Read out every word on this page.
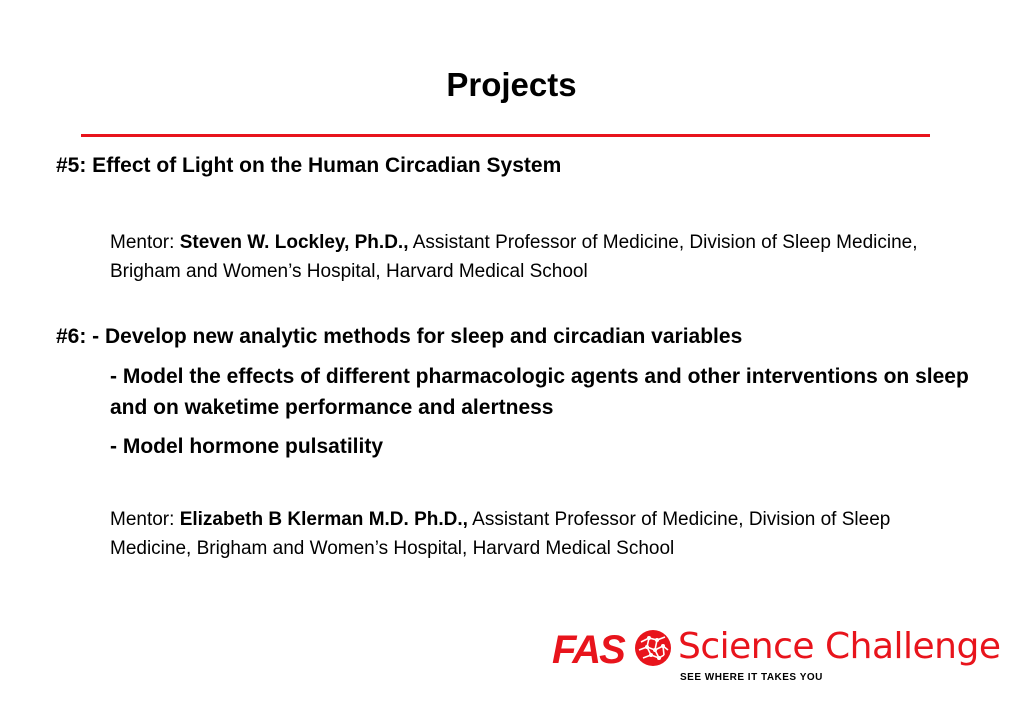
Projects

#5: Effect of Light on the Human Circadian System

Mentor: Steven W. Lockley, Ph.D., Assistant Professor of Medicine, Division of Sleep Medicine, Brigham and Women’s Hospital, Harvard Medical School

#6: - Develop new analytic methods for sleep and circadian variables

- Model the effects of different pharmacologic agents and other interventions on sleep and on waketime performance and alertness

- Model hormone pulsatility

Mentor: Elizabeth B Klerman M.D. Ph.D., Assistant Professor of Medicine, Division of Sleep Medicine, Brigham and Women’s Hospital, Harvard Medical School

FAS Science Challenge
SEE WHERE IT TAKES YOU
